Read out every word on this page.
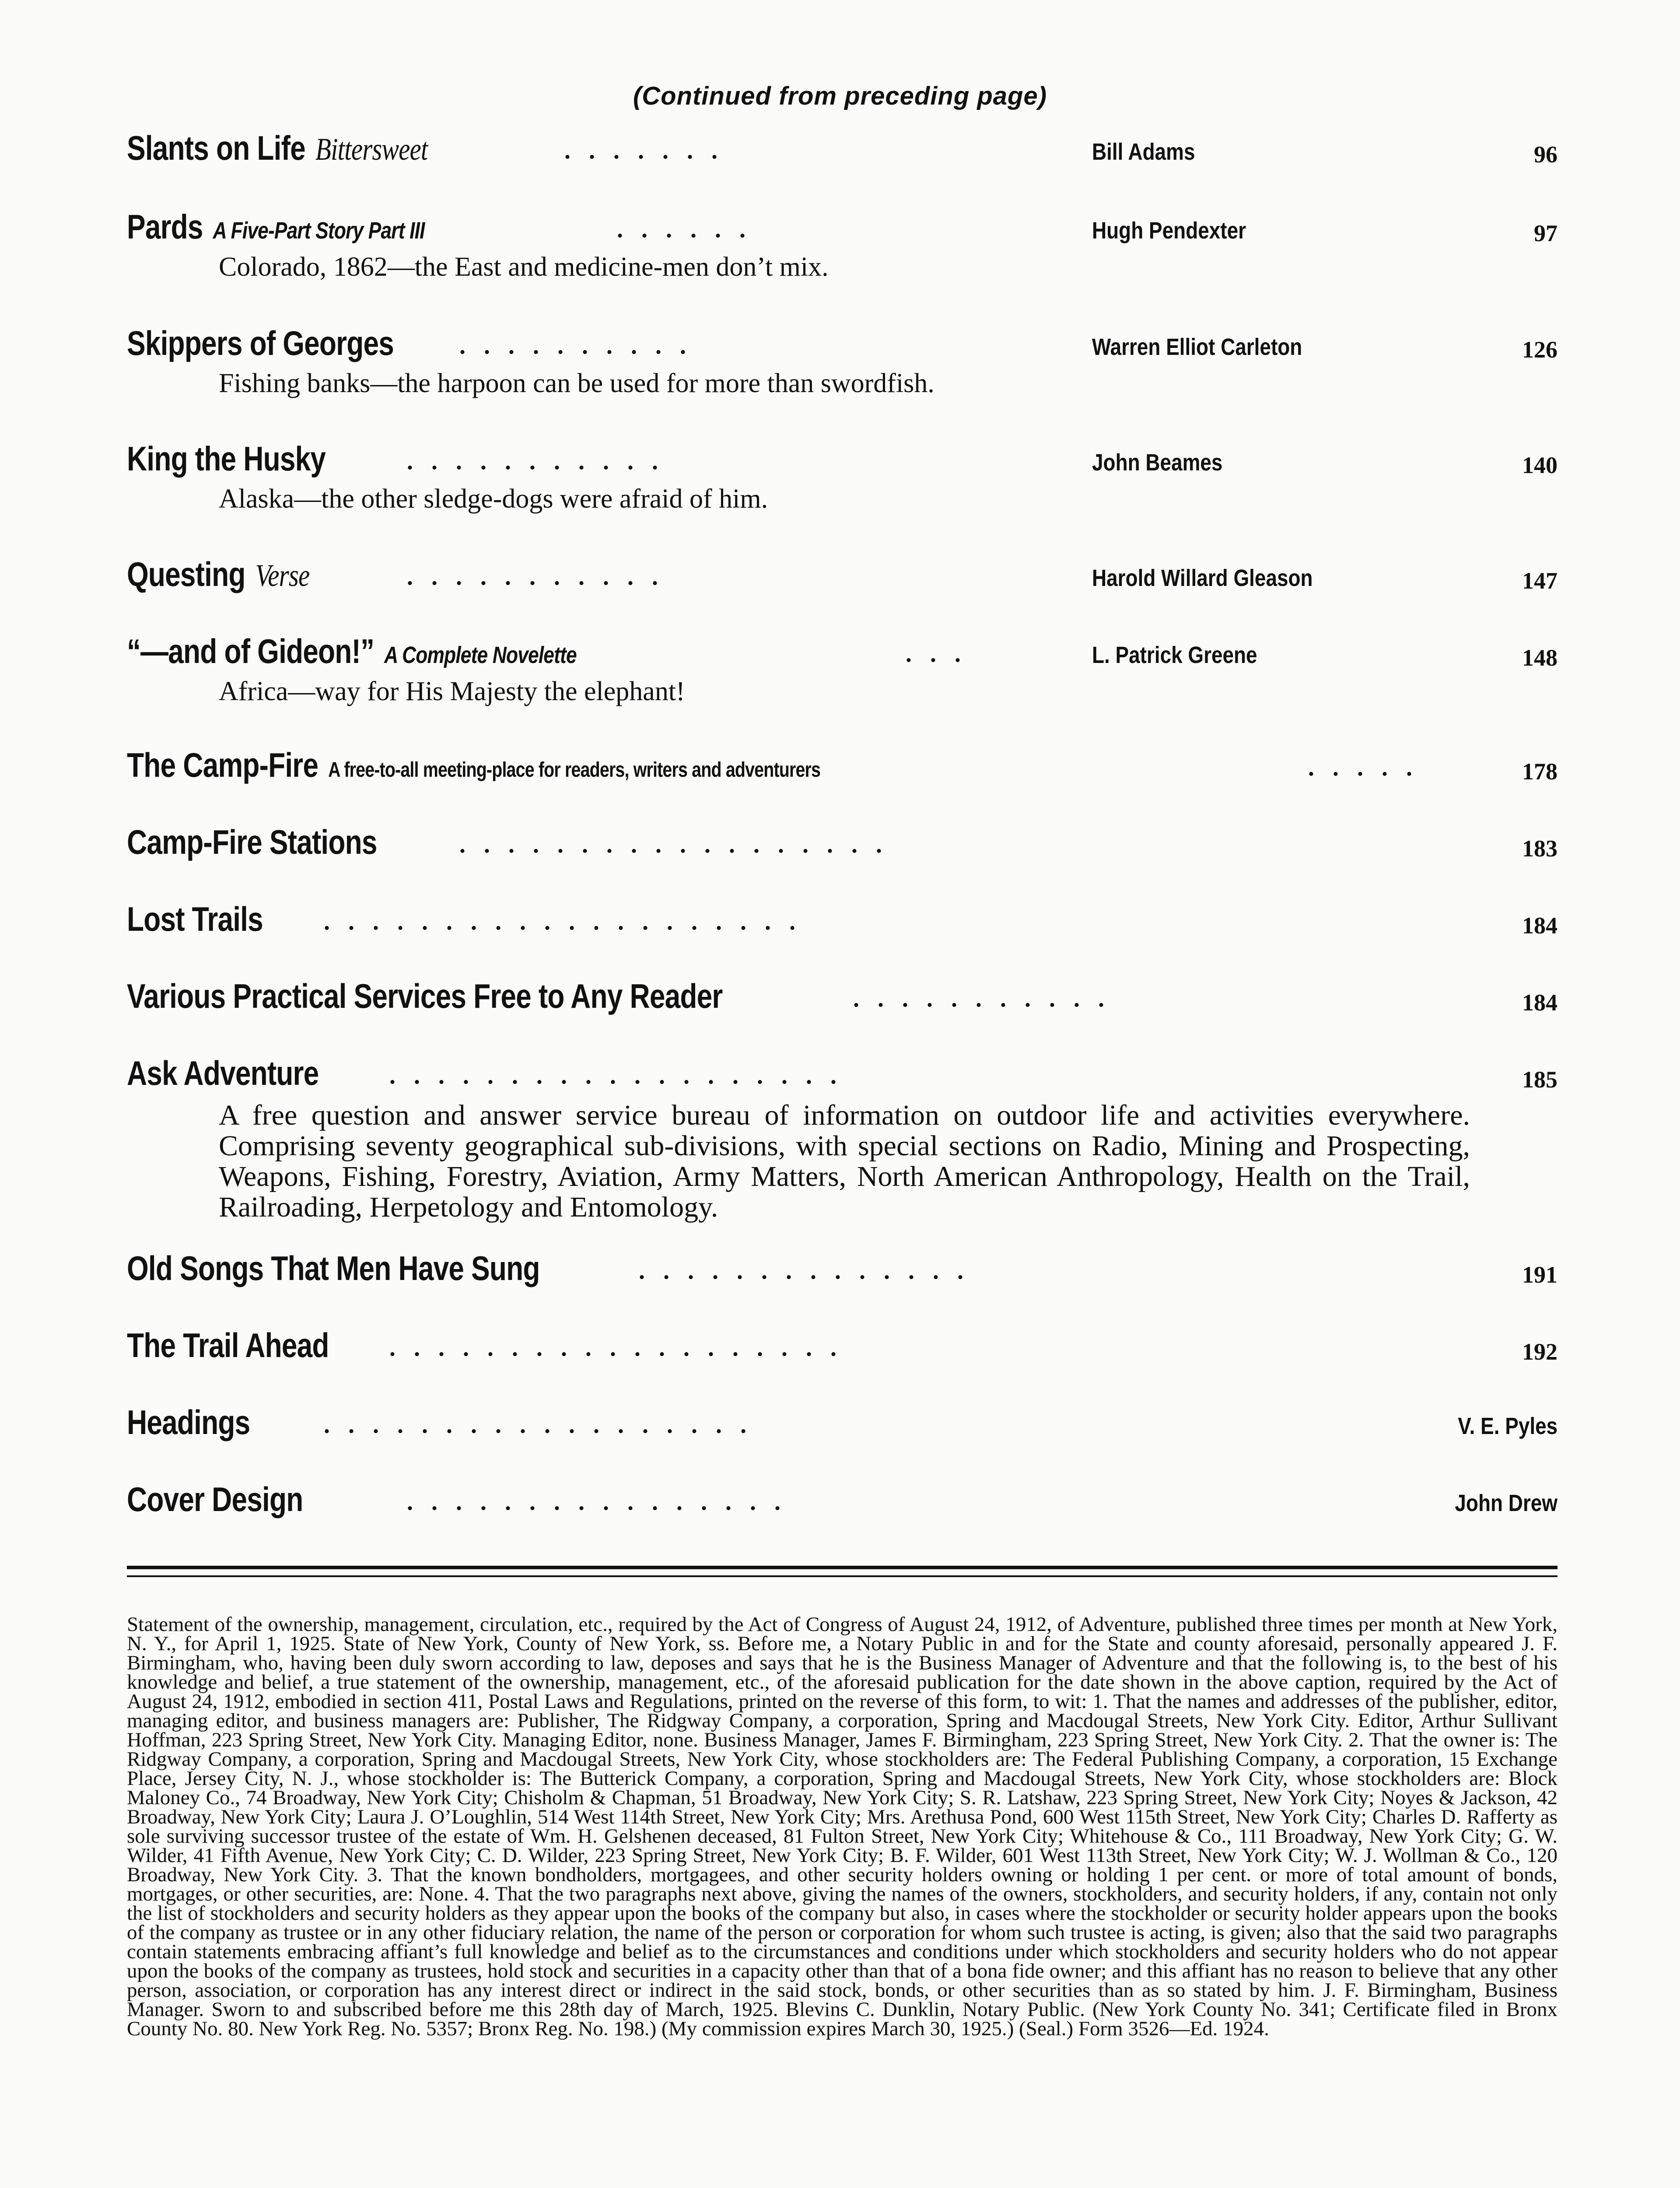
(Continued from preceding page)
Slants on Life Bittersweet	.......	Bill Adams	96
Pards A Five-Part Story Part III	......	Hugh Pendexter	97
Colorado, 1862—the East and medicine-men don’t mix.
Skippers of Georges	..........	Warren Elliot Carleton	126
Fishing banks—the harpoon can be used for more than swordfish.
King the Husky	...........	John Beames	140
Alaska—the other sledge-dogs were afraid of him.
Questing Verse	...........	Harold Willard Gleason	147
“—and of Gideon!” A Complete Novelette	...	L. Patrick Greene	148
Africa—way for His Majesty the elephant!
The Camp-Fire A free-to-all meeting-place for readers, writers and adventurers	.....	178
Camp-Fire Stations	..................	183
Lost Trails ....................	184
Various Practical Services Free to Any Reader	...........	184
Ask Adventure	...................	185
A free question and answer service bureau of information on outdoor life and activities everywhere. Comprising seventy geographical sub-divisions, with special sections on Radio, Mining and Prospecting, Weapons, Fishing, Forestry, Aviation, Army Matters, North American Anthropology, Health on the Trail, Railroading, Herpetology and Entomology.
Old Songs That Men Have Sung	..............	191
The Trail Ahead ...................	192
Headings	..................	V. E. Pyles
Cover Design	................	John Drew
Statement of the ownership, management, circulation, etc., required by the Act of Congress of August 24, 1912, of Adventure, published three times per month at New York, N. Y., for April 1, 1925. State of New York, County of New York, ss. Before me, a Notary Public in and for the State and county aforesaid, personally appeared J. F. Birmingham, who, having been duly sworn according to law, deposes and says that he is the Business Manager of Adventure and that the following is, to the best of his knowledge and belief, a true statement of the ownership, management, etc., of the aforesaid publication for the date shown in the above caption, required by the Act of August 24, 1912, embodied in section 411, Postal Laws and Regulations, printed on the reverse of this form, to wit: 1. That the names and addresses of the publisher, editor, managing editor, and business managers are: Publisher, The Ridgway Company, a corporation, Spring and Macdougal Streets, New York City. Editor, Arthur Sullivant Hoffman, 223 Spring Street, New York City. Managing Editor, none. Business Manager, James F. Birmingham, 223 Spring Street, New York City. 2. That the owner is: The Ridgway Company, a corporation, Spring and Macdougal Streets, New York City, whose stockholders are: The Federal Publishing Company, a corporation, 15 Exchange Place, Jersey City, N. J., whose stockholder is: The Butterick Company, a corporation, Spring and Macdougal Streets, New York City, whose stockholders are: Block Maloney Co., 74 Broadway, New York City; Chisholm & Chapman, 51 Broadway, New York City; S. R. Latshaw, 223 Spring Street, New York City; Noyes & Jackson, 42 Broadway, New York City; Laura J. O’Loughlin, 514 West 114th Street, New York City; Mrs. Arethusa Pond, 600 West 115th Street, New York City; Charles D. Rafferty as sole surviving successor trustee of the estate of Wm. H. Gelshenen deceased, 81 Fulton Street, New York City; Whitehouse & Co., 111 Broadway, New York City; G. W. Wilder, 41 Fifth Avenue, New York City; C. D. Wilder, 223 Spring Street, New York City; B. F. Wilder, 601 West 113th Street, New York City; W. J. Wollman & Co., 120 Broadway, New York City. 3. That the known bondholders, mortgagees, and other security holders owning or holding 1 per cent. or more of total amount of bonds, mortgages, or other securities, are: None. 4. That the two paragraphs next above, giving the names of the owners, stockholders, and security holders, if any, contain not only the list of stockholders and security holders as they appear upon the books of the company but also, in cases where the stockholder or security holder appears upon the books of the company as trustee or in any other fiduciary relation, the name of the person or corporation for whom such trustee is acting, is given; also that the said two paragraphs contain statements embracing affiant’s full knowledge and belief as to the circumstances and conditions under which stockholders and security holders who do not appear upon the books of the company as trustees, hold stock and securities in a capacity other than that of a bona fide owner; and this affiant has no reason to believe that any other person, association, or corporation has any interest direct or indirect in the said stock, bonds, or other securities than as so stated by him. J. F. Birmingham, Business Manager. Sworn to and subscribed before me this 28th day of March, 1925. Blevins C. Dunklin, Notary Public. (New York County No. 341; Certificate filed in Bronx County No. 80. New York Reg. No. 5357; Bronx Reg. No. 198.) (My commission expires March 30, 1925.) (Seal.) Form 3526—Ed. 1924.
